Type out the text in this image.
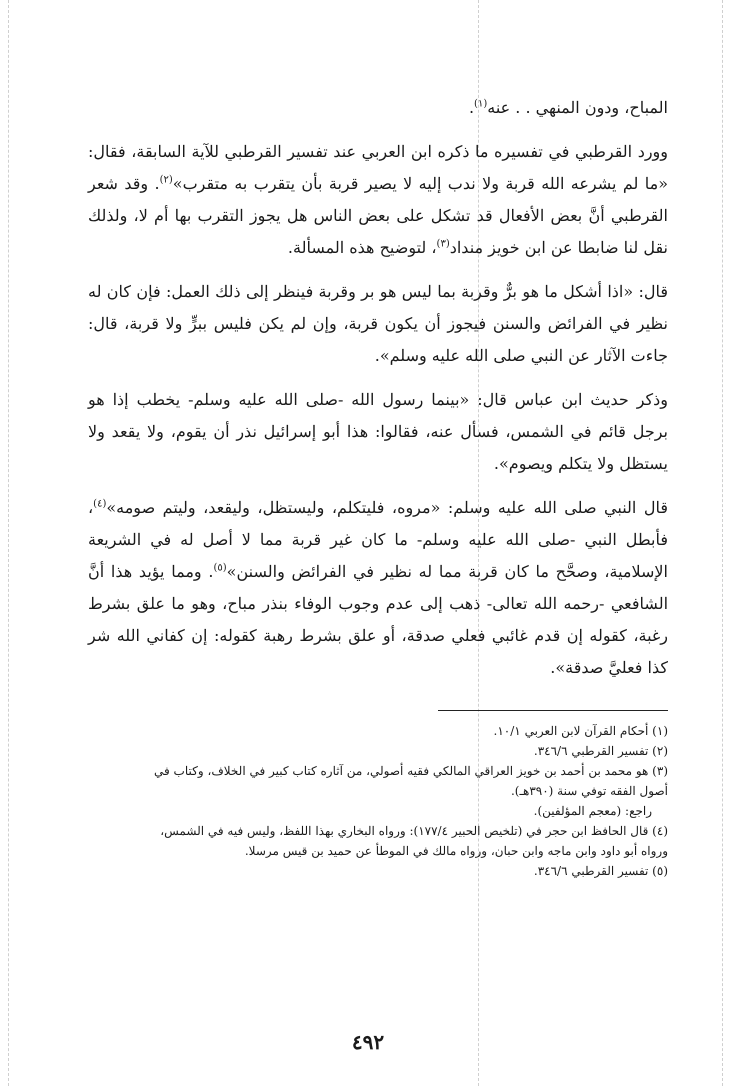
المباح، ودون المنهي . . عنه$^{(١)}$.

وورد القرطبي في تفسيره ما ذكره ابن العربي عند تفسير القرطبي للآية السابقة، فقال: «ما لم يشرعه الله قربة ولا ندب إليه لا يصير قربة بأن يتقرب به متقرب»$^{(٢)}$. وقد شعر القرطبي أنَّ بعض الأفعال قد تشكل على بعض الناس هل يجوز التقرب بها أم لا، ولذلك نقل لنا ضابطا عن ابن خويز منداد$^{(٣)}$، لتوضيح هذه المسألة.

قال: «اذا أشكل ما هو برٌّ وقربة بما ليس هو بر وقربة فينظر إلى ذلك العمل: فإن كان له نظير في الفرائض والسنن فيجوز أن يكون قربة، وإن لم يكن فليس ببرٍّ ولا قربة، قال: جاءت الآثار عن النبي صلى الله عليه وسلم».

وذكر حديث ابن عباس قال: «بينما رسول الله -صلى الله عليه وسلم- يخطب إذا هو برجل قائم في الشمس، فسأل عنه، فقالوا: هذا أبو إسرائيل نذر أن يقوم، ولا يقعد ولا يستظل ولا يتكلم ويصوم».

قال النبي صلى الله عليه وسلم: «مروه، فليتكلم، وليستظل، وليقعد، وليتم صومه»$^{(٤)}$، فأبطل النبي -صلى الله عليه وسلم- ما كان غير قربة مما لا أصل له في الشريعة الإسلامية، وصحَّح ما كان قربة مما له نظير في الفرائض والسنن»$^{(٥)}$. ومما يؤيد هذا أنَّ الشافعي -رحمه الله تعالى- ذهب إلى عدم وجوب الوفاء بنذر مباح، وهو ما علق بشرط رغبة، كقوله إن قدم غائبي فعلي صدقة، أو علق بشرط رهبة كقوله: إن كفاني الله شر كذا فعليَّ صدقة».

(١) أحكام القرآن لابن العربي ١٠/١.

(٢) تفسير القرطبي ٣٤٦/٦.

(٣) هو محمد بن أحمد بن خويز العراقي المالكي فقيه أصولي، من آثاره كتاب كبير في الخلاف، وكتاب في

أصول الفقه توفي سنة (٣٩٠هـ).

راجع: (معجم المؤلفين).

(٤) قال الحافظ ابن حجر في (تلخيص الحبير ١٧٧/٤): ورواه البخاري بهذا اللفظ، وليس فيه في الشمس،

ورواه أبو داود وابن ماجه وابن حبان، ورواه مالك في الموطأ عن حميد بن قيس مرسلا.

(٥) تفسير القرطبي ٣٤٦/٦.

٤٩٢
